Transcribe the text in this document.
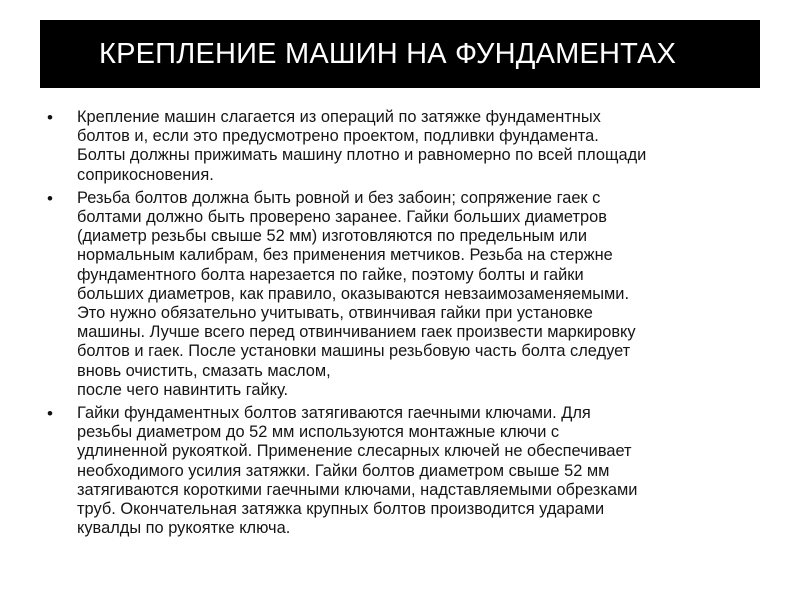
КРЕПЛЕНИЕ МАШИН НА ФУНДАМЕНТАХ
•	Крепление машин слагается из операций по затяжке фундаментных
болтов и, если это предусмотрено проектом, подливки фундамента.
Болты должны прижимать машину плотно и равномерно по всей площади
соприкосновения.
•	Резьба болтов должна быть ровной и без забоин; сопряжение гаек с
болтами должно быть проверено заранее. Гайки больших диаметров
(диаметр резьбы свыше 52 мм) изготовляются по предельным или
нормальным калибрам, без применения метчиков. Резьба на стержне
фундаментного болта нарезается по гайке, поэтому болты и гайки
больших диаметров, как правило, оказываются невзаимозаменяемыми.
Это нужно обязательно учитывать, отвинчивая гайки при установке
машины. Лучше всего перед отвинчиванием гаек произвести маркировку
болтов и гаек. После установки машины резьбовую часть болта следует
вновь очистить, смазать маслом,
после чего навинтить гайку.
•	Гайки фундаментных болтов затягиваются гаечными ключами. Для
резьбы диаметром до 52 мм используются монтажные ключи с
удлиненной рукояткой. Применение слесарных ключей не обеспечивает
необходимого усилия затяжки. Гайки болтов диаметром свыше 52 мм
затягиваются короткими гаечными ключами, надставляемыми обрезками
труб. Окончательная затяжка крупных болтов производится ударами
кувалды по рукоятке ключа.
